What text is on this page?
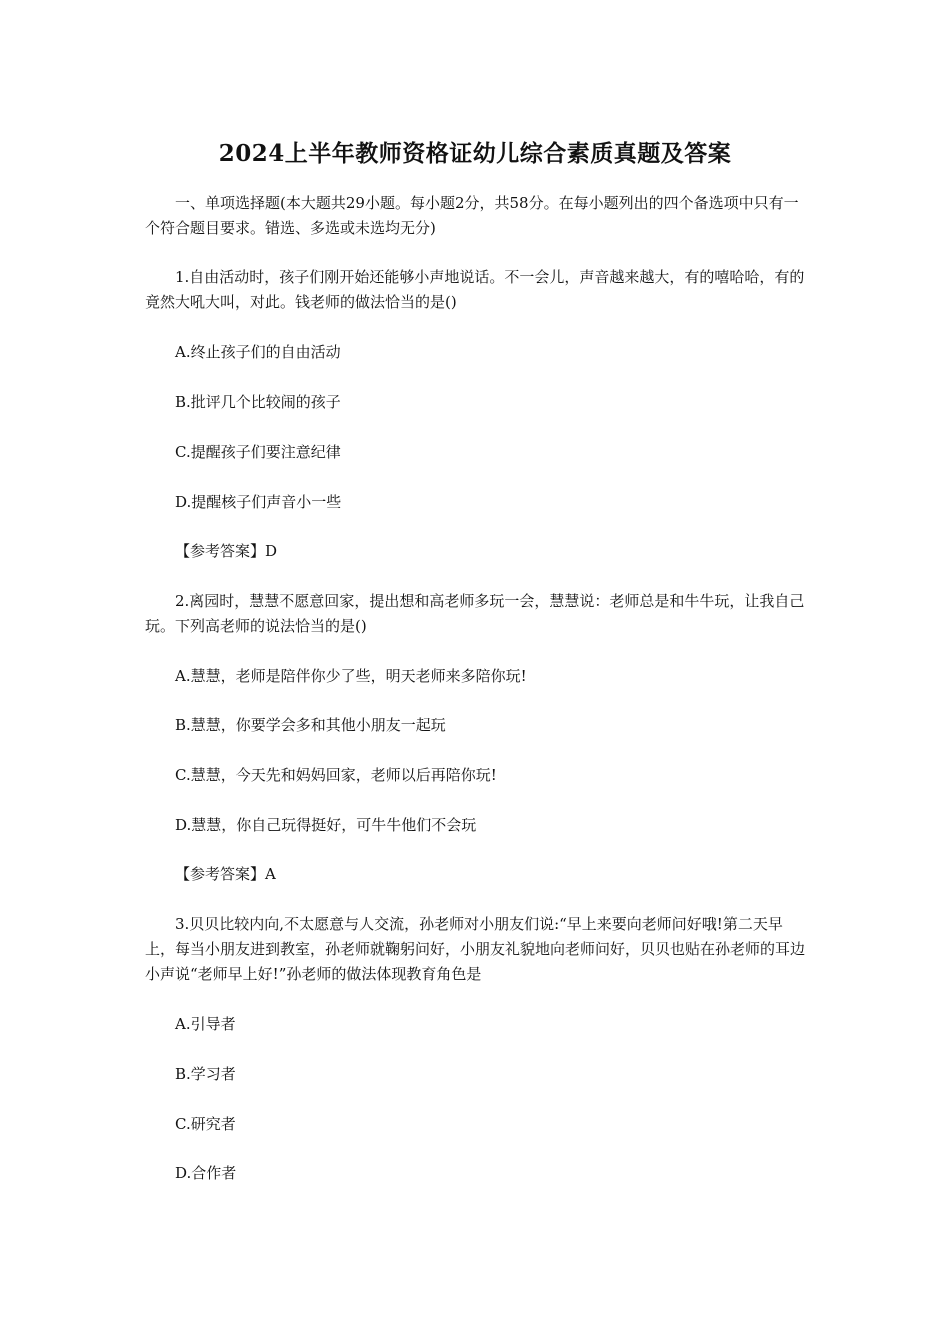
2024上半年教师资格证幼儿综合素质真题及答案

一、单项选择题(本大题共29小题。每小题2分，共58分。在每小题列出的四个备选项中只有一个符合题目要求。错选、多选或未选均无分)

1.自由活动时，孩子们刚开始还能够小声地说话。不一会儿，声音越来越大，有的嘻哈哈，有的竟然大吼大叫，对此。钱老师的做法恰当的是()

A.终止孩子们的自由活动

B.批评几个比较闹的孩子

C.提醒孩子们要注意纪律

D.提醒核子们声音小一些

【参考答案】D

2.离园时，慧慧不愿意回家，提出想和高老师多玩一会，慧慧说：老师总是和牛牛玩，让我自己玩。下列高老师的说法恰当的是()

A.慧慧，老师是陪伴你少了些，明天老师来多陪你玩!

B.慧慧，你要学会多和其他小朋友一起玩

C.慧慧，今天先和妈妈回家，老师以后再陪你玩!

D.慧慧，你自己玩得挺好，可牛牛他们不会玩

【参考答案】A

3.贝贝比较内向,不太愿意与人交流，孙老师对小朋友们说:“早上来要向老师问好哦!第二天早上，每当小朋友进到教室，孙老师就鞠躬问好，小朋友礼貌地向老师问好，贝贝也贴在孙老师的耳边小声说“老师早上好!”孙老师的做法体现教育角色是

A.引导者

B.学习者

C.研究者

D.合作者
